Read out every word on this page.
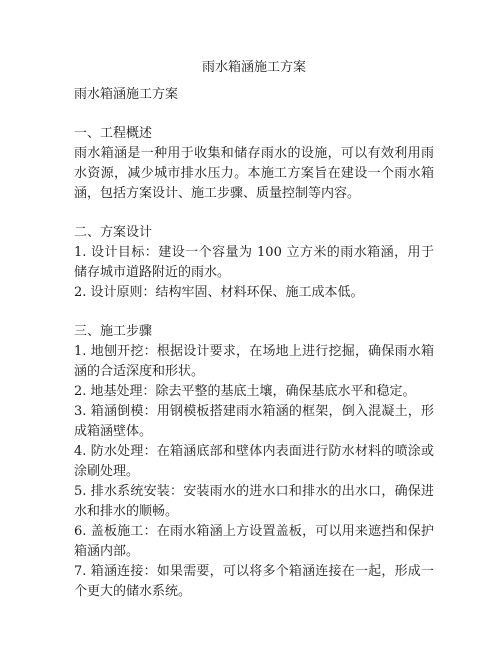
雨水箱涵施工方案

雨水箱涵施工方案

一、工程概述

雨水箱涵是一种用于收集和储存雨水的设施，可以有效利用雨水资源，减少城市排水压力。本施工方案旨在建设一个雨水箱涵，包括方案设计、施工步骤、质量控制等内容。

二、方案设计

1. 设计目标：建设一个容量为 100 立方米的雨水箱涵，用于储存城市道路附近的雨水。

2. 设计原则：结构牢固、材料环保、施工成本低。

三、施工步骤

1. 地刨开挖：根据设计要求，在场地上进行挖掘，确保雨水箱涵的合适深度和形状。

2. 地基处理：除去平整的基底土壤，确保基底水平和稳定。

3. 箱涵倒模：用钢模板搭建雨水箱涵的框架，倒入混凝土，形成箱涵壁体。

4. 防水处理：在箱涵底部和壁体内表面进行防水材料的喷涂或涂刷处理。

5. 排水系统安装：安装雨水的进水口和排水的出水口，确保进水和排水的顺畅。

6. 盖板施工：在雨水箱涵上方设置盖板，可以用来遮挡和保护箱涵内部。

7. 箱涵连接：如果需要，可以将多个箱涵连接在一起，形成一个更大的储水系统。
